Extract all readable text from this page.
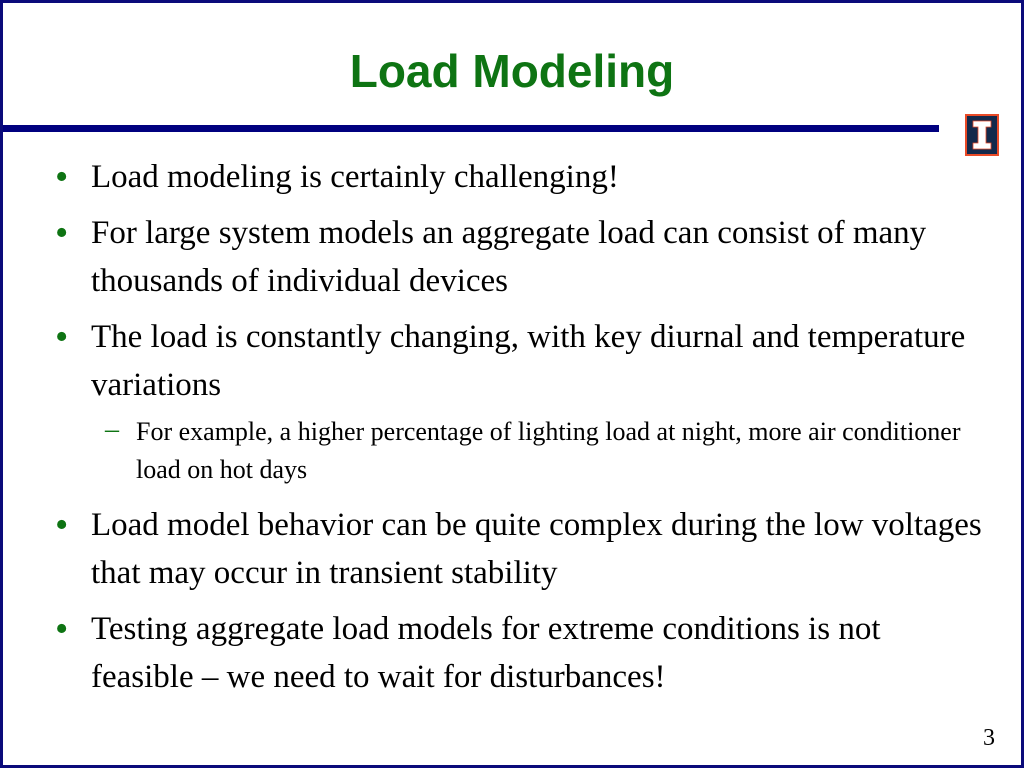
Load Modeling
• Load modeling is certainly challenging!
• For large system models an aggregate load can consist of many thousands of individual devices
• The load is constantly changing, with key diurnal and temperature variations
– For example, a higher percentage of lighting load at night, more air conditioner load on hot days
• Load model behavior can be quite complex during the low voltages that may occur in transient stability
• Testing aggregate load models for extreme conditions is not feasible – we need to wait for disturbances!
3
